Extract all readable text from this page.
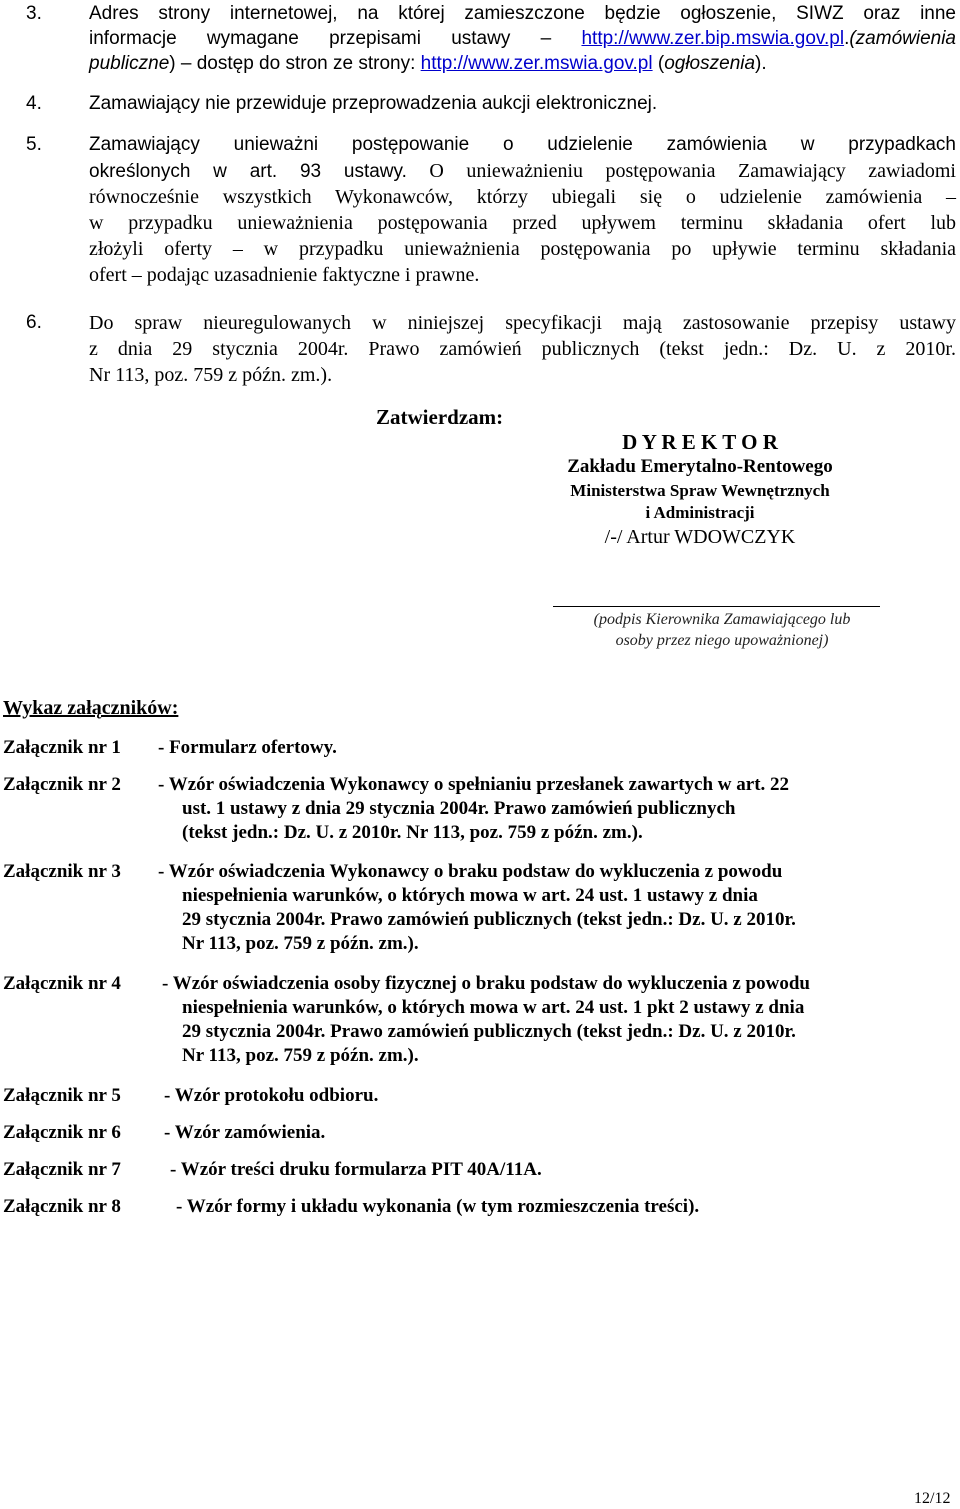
3. Adres strony internetowej, na której zamieszczone będzie ogłoszenie, SIWZ oraz inne
informacje wymagane przepisami ustawy – http://www.zer.bip.mswia.gov.pl.(zamówienia
publiczne) – dostęp do stron ze strony: http://www.zer.mswia.gov.pl (ogłoszenia).
4. Zamawiający nie przewiduje przeprowadzenia aukcji elektronicznej.
5. Zamawiający unieważni postępowanie o udzielenie zamówienia w przypadkach
określonych w art. 93 ustawy. O unieważnieniu postępowania Zamawiający zawiadomi
równocześnie wszystkich Wykonawców, którzy ubiegali się o udzielenie zamówienia –
w przypadku unieważnienia postępowania przed upływem terminu składania ofert lub
złożyli oferty – w przypadku unieważnienia postępowania po upływie terminu składania
ofert – podając uzasadnienie faktyczne i prawne.
6. Do spraw nieuregulowanych w niniejszej specyfikacji mają zastosowanie przepisy ustawy
z dnia 29 stycznia 2004r. Prawo zamówień publicznych (tekst jedn.: Dz. U. z 2010r.
Nr 113, poz. 759 z późn. zm.).
Zatwierdzam:
D Y R E K T O R
Zakładu Emerytalno-Rentowego
Ministerstwa Spraw Wewnętrznych
i Administracji
/-/ Artur WDOWCZYK
(podpis Kierownika Zamawiającego lub
osoby przez niego upoważnionej)
Wykaz załączników:
Załącznik nr 1 - Formularz ofertowy.
Załącznik nr 2 - Wzór oświadczenia Wykonawcy o spełnianiu przesłanek zawartych w art. 22
ust. 1 ustawy z dnia 29 stycznia 2004r. Prawo zamówień publicznych
(tekst jedn.: Dz. U. z 2010r. Nr 113, poz. 759 z późn. zm.).
Załącznik nr 3 - Wzór oświadczenia Wykonawcy o braku podstaw do wykluczenia z powodu
niespełnienia warunków, o których mowa w art. 24 ust. 1 ustawy z dnia
29 stycznia 2004r. Prawo zamówień publicznych (tekst jedn.: Dz. U. z 2010r.
Nr 113, poz. 759 z późn. zm.).
Załącznik nr 4 - Wzór oświadczenia osoby fizycznej o braku podstaw do wykluczenia z powodu
niespełnienia warunków, o których mowa w art. 24 ust. 1 pkt 2 ustawy z dnia
29 stycznia 2004r. Prawo zamówień publicznych (tekst jedn.: Dz. U. z 2010r.
Nr 113, poz. 759 z późn. zm.).
Załącznik nr 5 - Wzór protokołu odbioru.
Załącznik nr 6 - Wzór zamówienia.
Załącznik nr 7	- Wzór treści druku formularza PIT 40A/11A.
Załącznik nr 8	- Wzór formy i układu wykonania (w tym rozmieszczenia treści).
12/12
